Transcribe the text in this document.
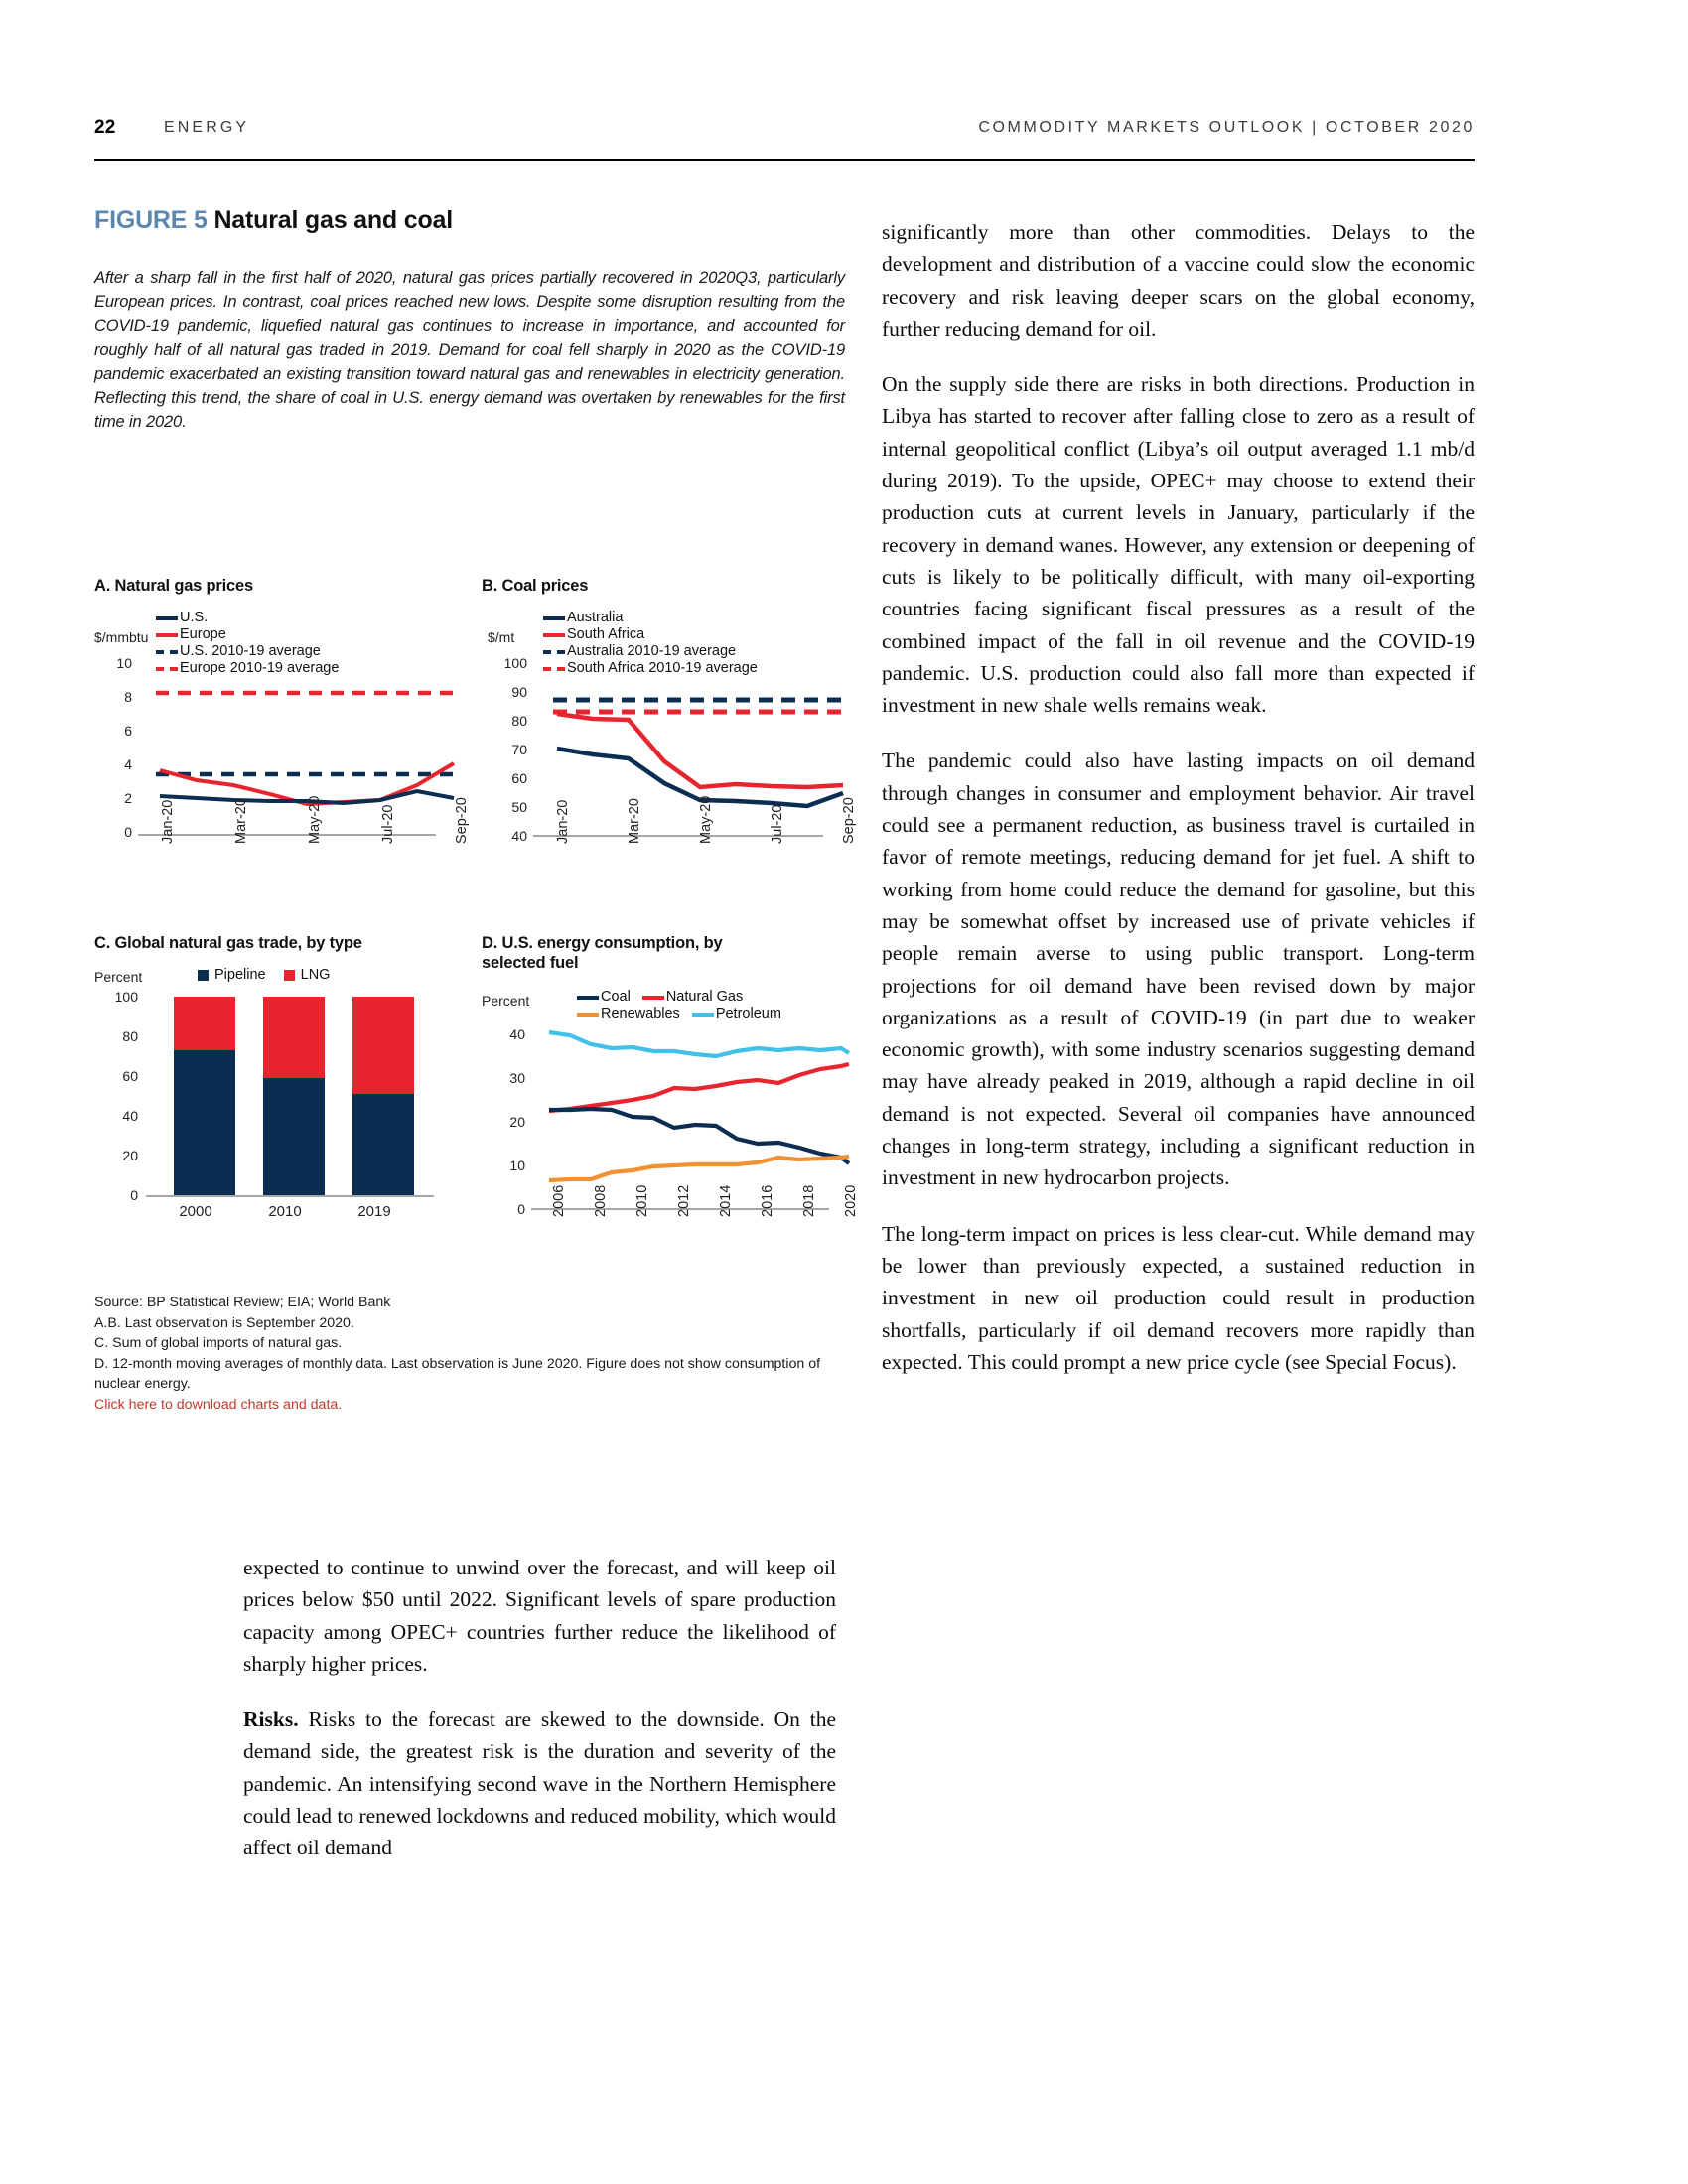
22	ENERGY	COMMODITY MARKETS OUTLOOK | OCTOBER 2020
FIGURE 5 Natural gas and coal
After a sharp fall in the first half of 2020, natural gas prices partially recovered in 2020Q3, particularly European prices. In contrast, coal prices reached new lows. Despite some disruption resulting from the COVID-19 pandemic, liquefied natural gas continues to increase in importance, and accounted for roughly half of all natural gas traded in 2019. Demand for coal fell sharply in 2020 as the COVID-19 pandemic exacerbated an existing transition toward natural gas and renewables in electricity generation. Reflecting this trend, the share of coal in U.S. energy demand was overtaken by renewables for the first time in 2020.
A. Natural gas prices
$/mmbtu
U.S.
Europe
U.S. 2010-19 average
Europe 2010-19 average
10
8
6
4
2
0 Jan-20	Mar-20	May-20	Jul-20	Sep-20
B. Coal prices
$/mt
Australia
South Africa
Australia 2010-19 average
South Africa 2010-19 average
100
90
80
70
60
50
40 Jan-20	Mar-20	May-20	Jul-20	Sep-20
C. Global natural gas trade, by type
Percent	Pipeline
LNG
100
80
60
40
20
0
2000	2010	2019
D. U.S. energy consumption, by selected fuel
Percent	Coal Natural Gas
Renewables Petroleum
40
30
20
10
0 2006 2008 2010 2012 2014 2016 2018 2020
Source: BP Statistical Review; EIA; World Bank
A.B. Last observation is September 2020.
C. Sum of global imports of natural gas.
D. 12-month moving averages of monthly data. Last observation is June 2020. Figure does not show consumption of nuclear energy.
Click here to download charts and data.

significantly more than other commodities. Delays to the development and distribution of a vaccine could slow the economic recovery and risk leaving deeper scars on the global economy, further reducing demand for oil.

On the supply side there are risks in both directions. Production in Libya has started to recover after falling close to zero as a result of internal geopolitical conflict (Libya’s oil output averaged 1.1 mb/d during 2019). To the upside, OPEC+ may choose to extend their production cuts at current levels in January, particularly if the recovery in demand wanes. However, any extension or deepening of cuts is likely to be politically difficult, with many oil-exporting countries facing significant fiscal pressures as a result of the combined impact of the fall in oil revenue and the COVID-19 pandemic. U.S. production could also fall more than expected if investment in new shale wells remains weak.

The pandemic could also have lasting impacts on oil demand through changes in consumer and employment behavior. Air travel could see a permanent reduction, as business travel is curtailed in favor of remote meetings, reducing demand for jet fuel. A shift to working from home could reduce the demand for gasoline, but this may be somewhat offset by increased use of private vehicles if people remain averse to using public transport. Long-term projections for oil demand have been revised down by major organizations as a result of COVID-19 (in part due to weaker economic growth), with some industry scenarios suggesting demand may have already peaked in 2019, although a rapid decline in oil demand is not expected. Several oil companies have announced changes in long-term strategy, including a significant reduction in investment in new hydrocarbon projects.

The long-term impact on prices is less clear-cut. While demand may be lower than previously expected, a sustained reduction in investment in new oil production could result in production shortfalls, particularly if oil demand recovers more rapidly than expected. This could prompt a new price cycle (see Special Focus).

expected to continue to unwind over the forecast, and will keep oil prices below $50 until 2022. Significant levels of spare production capacity among OPEC+ countries further reduce the likelihood of sharply higher prices.

Risks. Risks to the forecast are skewed to the downside. On the demand side, the greatest risk is the duration and severity of the pandemic. An intensifying second wave in the Northern Hemisphere could lead to renewed lockdowns and reduced mobility, which would affect oil demand
